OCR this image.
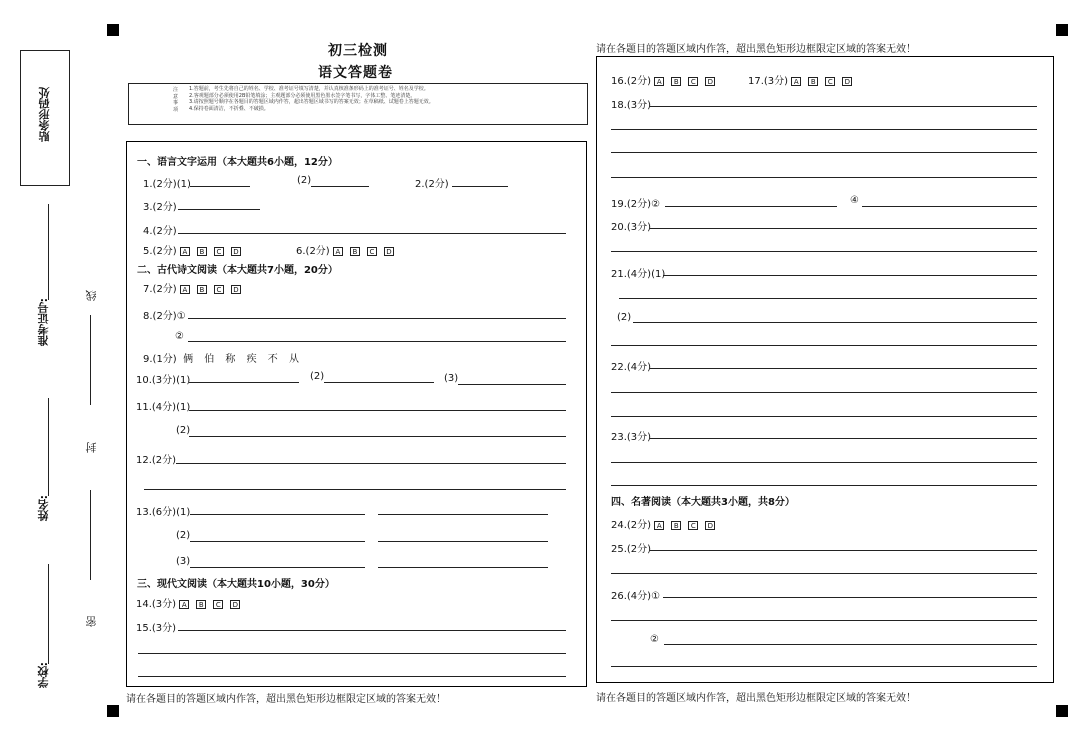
贴条形码处
准考证号:
姓名:
学校:
线
封
密
初三检测
语文答题卷
注
意
事
项
1.答题前，考生先将自己的姓名、学校、准考证号填写清楚，并认真核准条形码上的准考证号、姓名及学校。
2.客观题部分必须使用2B铅笔填涂；主观题部分必须使用黑色墨水签字笔书写，字体工整、笔迹清楚。
3.请按照题号顺序在各题目的答题区域内作答，超出答题区域书写的答案无效；在草稿纸、试题卷上答题无效。
4.保持卷面清洁，不折叠、不破损。
一、语言文字运用（本大题共6小题，12分）
1.(2分)(1)	(2)	2.(2分)
3.(2分)
4.(2分)
5.(2分) A B C D	6.(2分) A B C D
二、古代诗文阅读（本大题共7小题，20分）
7.(2分) A B C D
8.(2分)①
②
9.(1分) 俩 伯 称 疾 不 从
10.(3分)(1)	(2)	(3)
11.(4分)(1)
(2)
12.(2分)
13.(6分)(1)
(2)
(3)
三、现代文阅读（本大题共10小题，30分）
14.(3分) A B C D
15.(3分)
请在各题目的答题区域内作答，超出黑色矩形边框限定区域的答案无效！
请在各题目的答题区域内作答，超出黑色矩形边框限定区域的答案无效！
16.(2分) A B C D	17.(3分) A B C D
18.(3分)
19.(2分)②	④
20.(3分)
21.(4分)(1)
(2)
22.(4分)
23.(3分)
四、名著阅读（本大题共3小题，共8分）
24.(2分) A B C D
25.(2分)
26.(4分)①
②
请在各题目的答题区域内作答，超出黑色矩形边框限定区域的答案无效！
